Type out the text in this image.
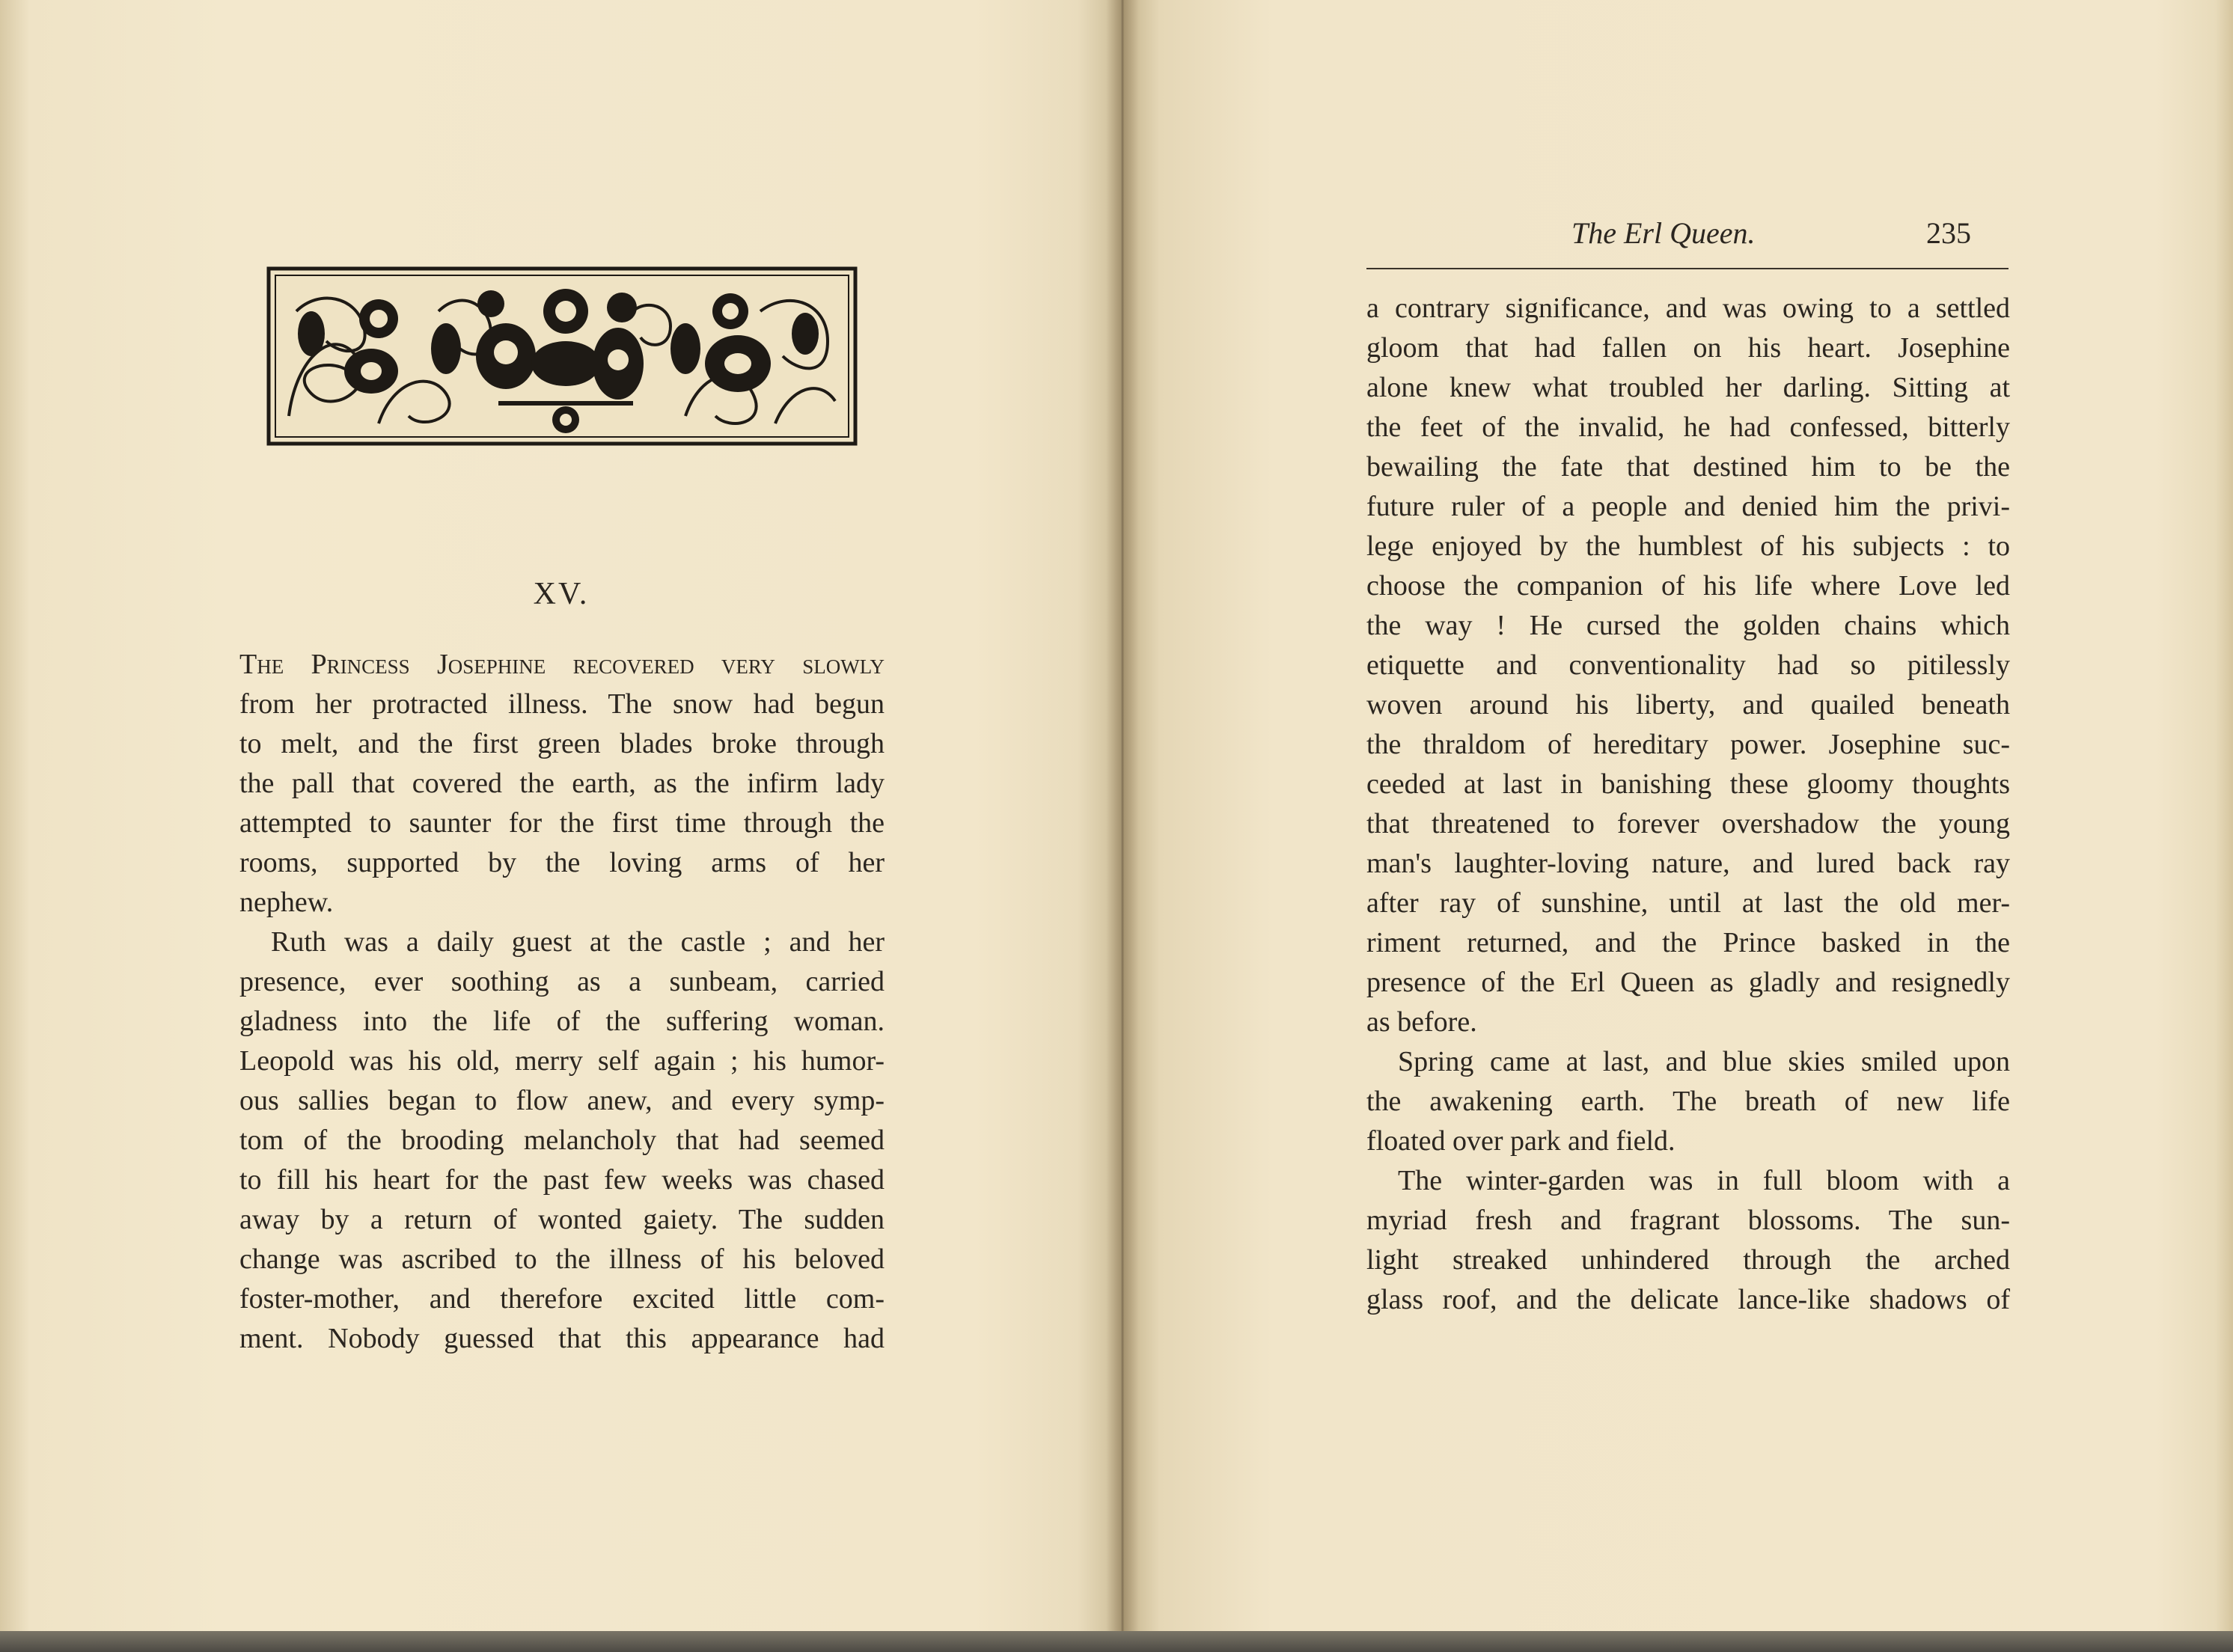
XV.
The Princess Josephine recovered very slowly
from her protracted illness. The snow had begun
to melt, and the first green blades broke through
the pall that covered the earth, as the infirm lady
attempted to saunter for the first time through the
rooms, supported by the loving arms of her
nephew.
Ruth was a daily guest at the castle ; and her
presence, ever soothing as a sunbeam, carried
gladness into the life of the suffering woman.
Leopold was his old, merry self again ; his humor-
ous sallies began to flow anew, and every symp-
tom of the brooding melancholy that had seemed
to fill his heart for the past few weeks was chased
away by a return of wonted gaiety. The sudden
change was ascribed to the illness of his beloved
foster-mother, and therefore excited little com-
ment. Nobody guessed that this appearance had
The Erl Queen.	235
a contrary significance, and was owing to a settled
gloom that had fallen on his heart. Josephine
alone knew what troubled her darling. Sitting at
the feet of the invalid, he had confessed, bitterly
bewailing the fate that destined him to be the
future ruler of a people and denied him the privi-
lege enjoyed by the humblest of his subjects : to
choose the companion of his life where Love led
the way ! He cursed the golden chains which
etiquette and conventionality had so pitilessly
woven around his liberty, and quailed beneath
the thraldom of hereditary power. Josephine suc-
ceeded at last in banishing these gloomy thoughts
that threatened to forever overshadow the young
man's laughter-loving nature, and lured back ray
after ray of sunshine, until at last the old mer-
riment returned, and the Prince basked in the
presence of the Erl Queen as gladly and resignedly
as before.
Spring came at last, and blue skies smiled upon
the awakening earth. The breath of new life
floated over park and field.
The winter-garden was in full bloom with a
myriad fresh and fragrant blossoms. The sun-
light streaked unhindered through the arched
glass roof, and the delicate lance-like shadows of
